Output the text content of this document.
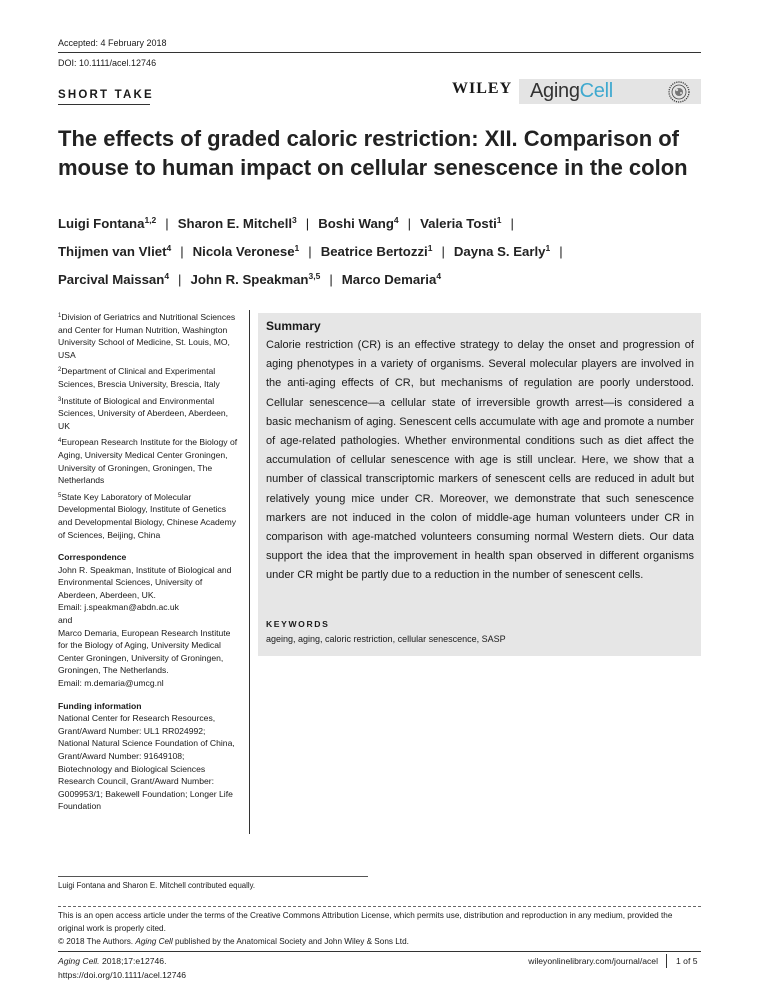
Accepted: 4 February 2018
DOI: 10.1111/acel.12746
SHORT TAKE	WILEY AgingCell
The effects of graded caloric restriction: XII. Comparison of mouse to human impact on cellular senescence in the colon
Luigi Fontana$^{1,2}$ | Sharon E. Mitchell$^3$ | Boshi Wang$^4$ | Valeria Tosti$^1$ |
Thijmen van Vliet$^4$ | Nicola Veronese$^1$ | Beatrice Bertozzi$^1$ | Dayna S. Early$^1$ |
Parcival Maissan$^4$ | John R. Speakman$^{3,5}$ | Marco Demaria$^4$
$^1$Division of Geriatrics and Nutritional Sciences and Center for Human Nutrition, Washington University School of Medicine, St. Louis, MO, USA
$^2$Department of Clinical and Experimental Sciences, Brescia University, Brescia, Italy
$^3$Institute of Biological and Environmental Sciences, University of Aberdeen, Aberdeen, UK
$^4$European Research Institute for the Biology of Aging, University Medical Center Groningen, University of Groningen, Groningen, The Netherlands
$^5$State Key Laboratory of Molecular Developmental Biology, Institute of Genetics and Developmental Biology, Chinese Academy of Sciences, Beijing, China
Correspondence
John R. Speakman, Institute of Biological and Environmental Sciences, University of Aberdeen, Aberdeen, UK.
Email: j.speakman@abdn.ac.uk
and
Marco Demaria, European Research Institute for the Biology of Aging, University Medical Center Groningen, University of Groningen, Groningen, The Netherlands.
Email: m.demaria@umcg.nl
Funding information
National Center for Research Resources, Grant/Award Number: UL1 RR024992; National Natural Science Foundation of China, Grant/Award Number: 91649108; Biotechnology and Biological Sciences Research Council, Grant/Award Number: G009953/1; Bakewell Foundation; Longer Life Foundation
Summary
Calorie restriction (CR) is an effective strategy to delay the onset and progression of aging phenotypes in a variety of organisms. Several molecular players are involved in the anti-aging effects of CR, but mechanisms of regulation are poorly understood. Cellular senescence—a cellular state of irreversible growth arrest—is considered a basic mechanism of aging. Senescent cells accumulate with age and promote a number of age-related pathologies. Whether environmental conditions such as diet affect the accumulation of cellular senescence with age is still unclear. Here, we show that a number of classical transcriptomic markers of senescent cells are reduced in adult but relatively young mice under CR. Moreover, we demonstrate that such senescence markers are not induced in the colon of middle-age human volunteers under CR in comparison with age-matched volunteers consuming normal Western diets. Our data support the idea that the improvement in health span observed in different organisms under CR might be partly due to a reduction in the number of senescent cells.
KEYWORDS
ageing, aging, caloric restriction, cellular senescence, SASP
Luigi Fontana and Sharon E. Mitchell contributed equally.
This is an open access article under the terms of the Creative Commons Attribution License, which permits use, distribution and reproduction in any medium, provided the original work is properly cited.
© 2018 The Authors. Aging Cell published by the Anatomical Society and John Wiley & Sons Ltd.
Aging Cell. 2018;17:e12746.
https://doi.org/10.1111/acel.12746
wileyonlinelibrary.com/journal/acel 1 of 5
